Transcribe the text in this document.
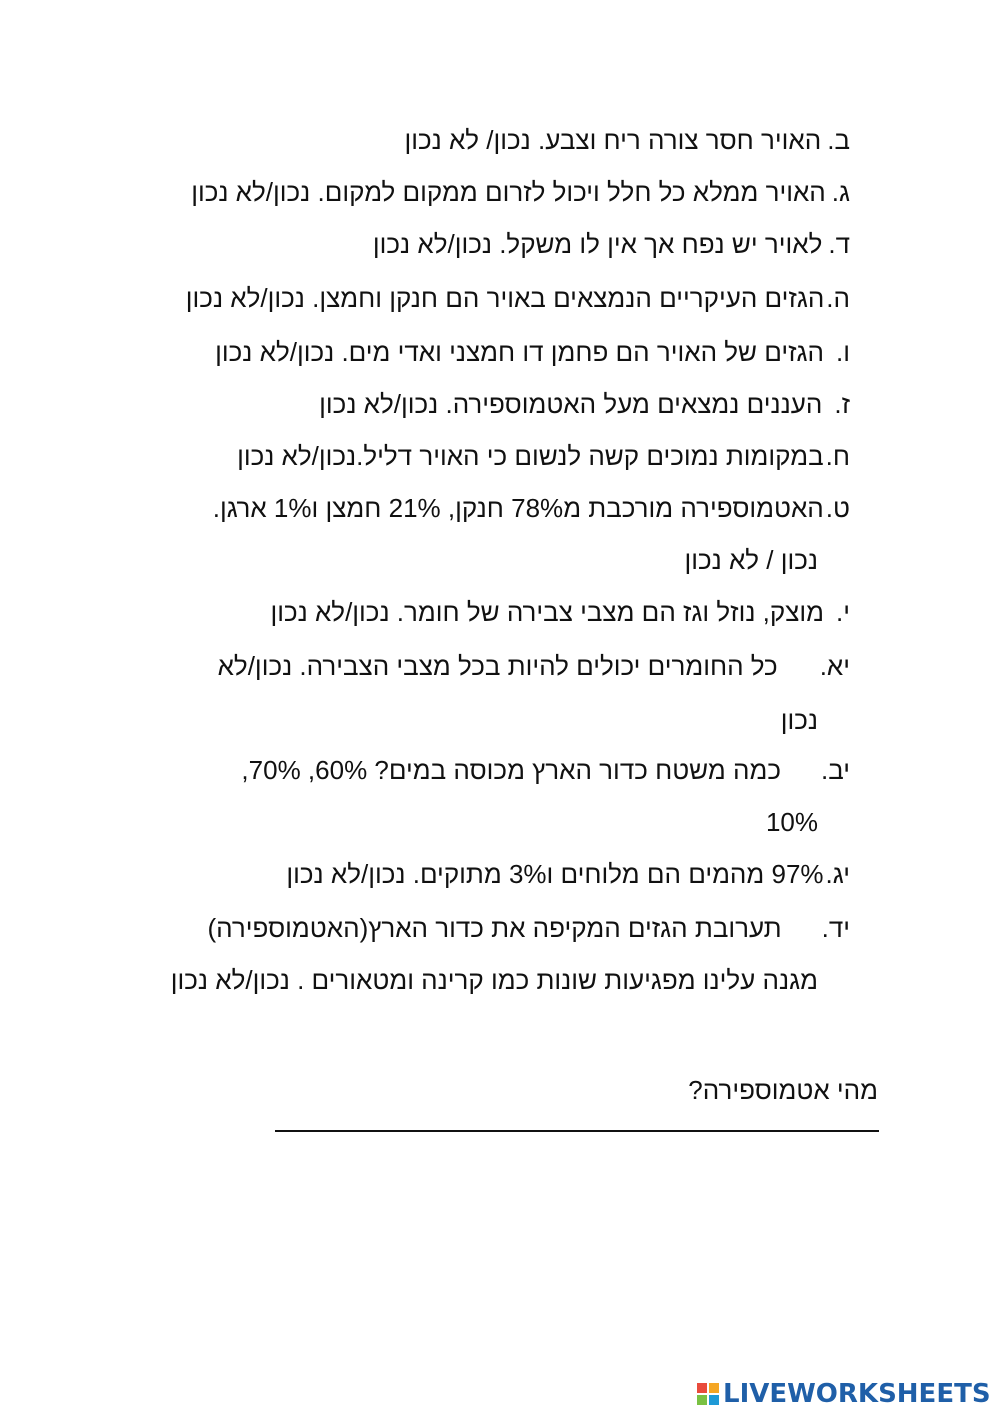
ב.
האויר חסר צורה ריח וצבע. נכון/ לא נכון
ג.
האויר ממלא כל חלל ויכול לזרום ממקום למקום. נכון/לא נכון
ד.
לאויר יש נפח אך אין לו משקל. נכון/לא נכון
ה.
הגזים העיקריים הנמצאים באויר הם חנקן וחמצן. נכון/לא נכון
ו.
הגזים של האויר הם פחמן דו חמצני ואדי מים. נכון/לא נכון
ז.
העננים נמצאים מעל האטמוספירה. נכון/לא נכון
ח.
במקומות נמוכים קשה לנשום כי האויר דליל.נכון/לא נכון
ט.
האטמוספירה מורכבת מ78% חנקן, 21% חמצן ו1% ארגן.
נכון / לא נכון
י.
מוצק, נוזל וגז הם מצבי צבירה של חומר. נכון/לא נכון
יא.
כל החומרים יכולים להיות בכל מצבי הצבירה. נכון/לא
נכון
יב.
כמה משטח כדור הארץ מכוסה במים? 60%, 70%,
10%
יג.
97% מהמים הם מלוחים ו3% מתוקים. נכון/לא נכון
יד.
תערובת הגזים המקיפה את כדור הארץ(האטמוספירה)
מגנה עלינו מפגיעות שונות כמו קרינה ומטאורים . נכון/לא נכון
מהי אטמוספירה?
LIVEWORKSHEETS
